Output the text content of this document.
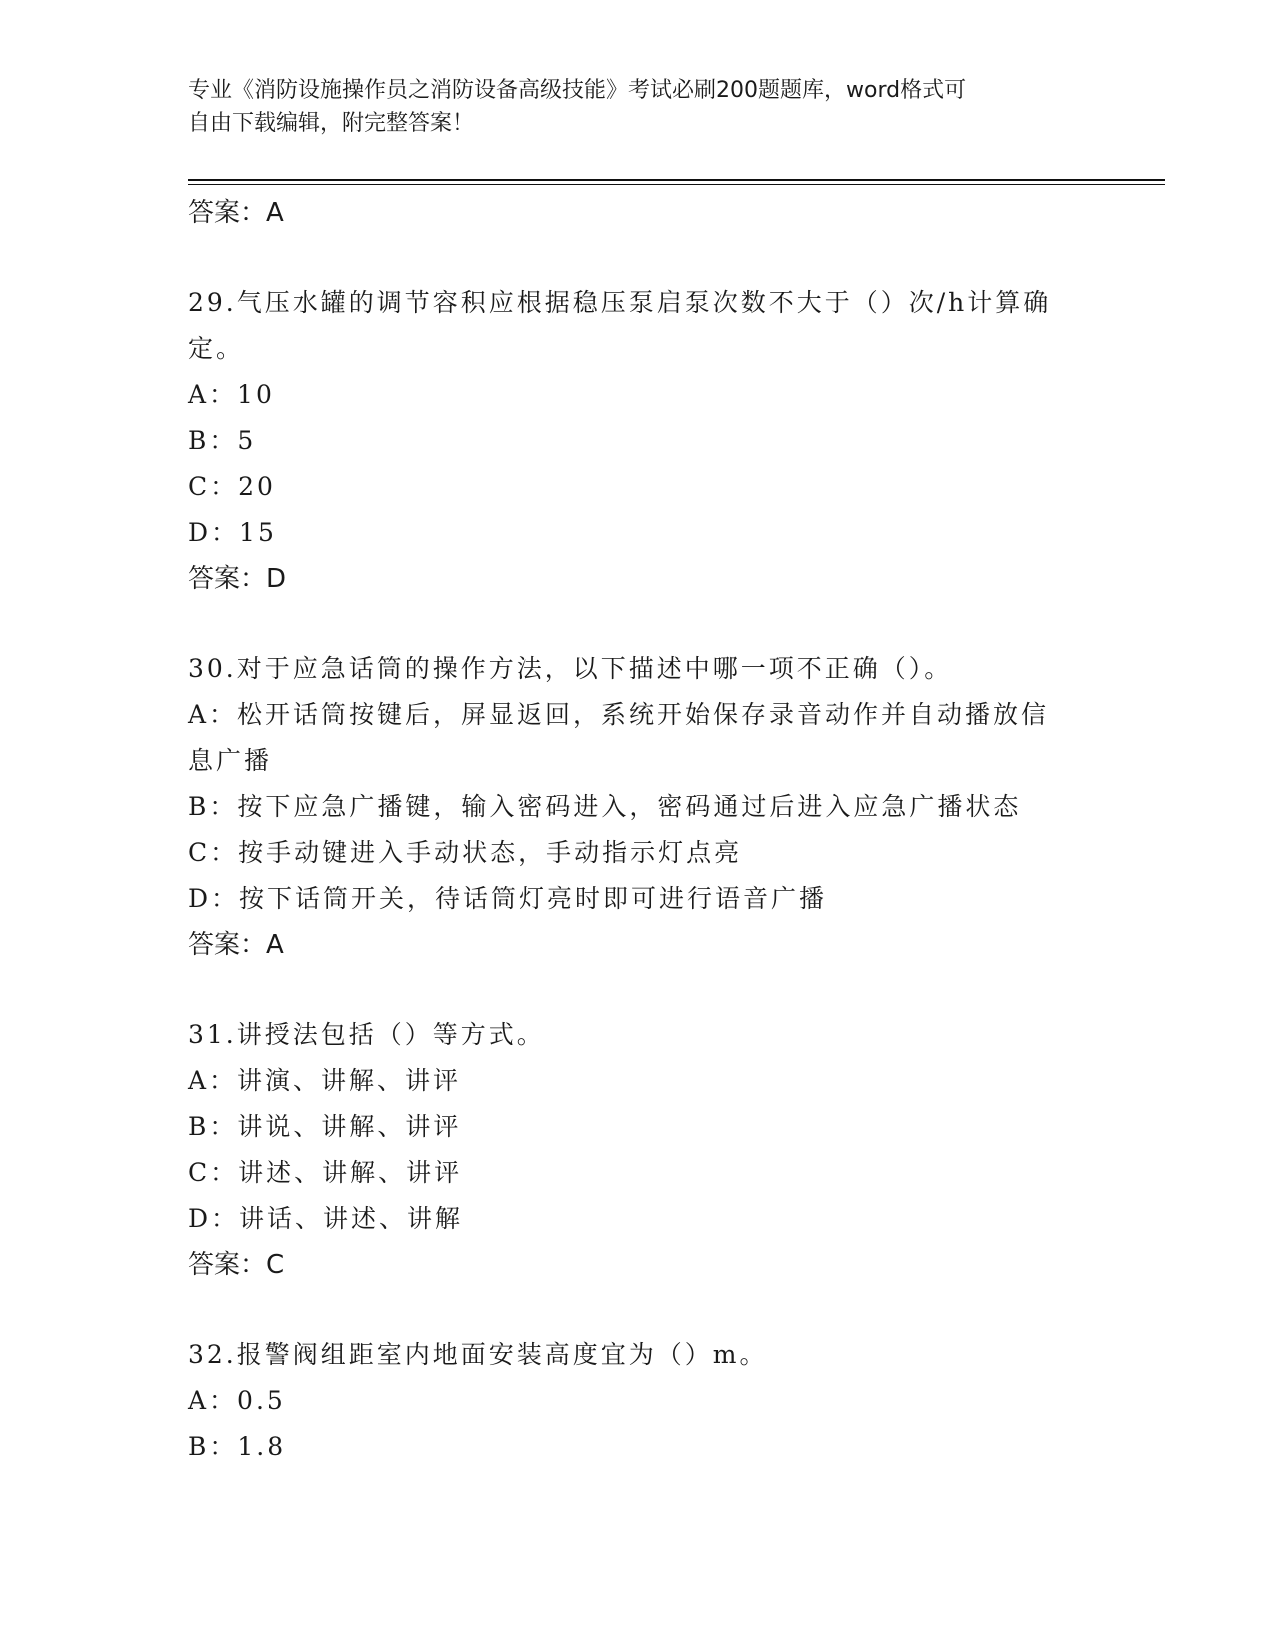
专业《消防设施操作员之消防设备高级技能》考试必刷200题题库，word格式可
自由下载编辑，附完整答案！
答案：A
29.气压水罐的调节容积应根据稳压泵启泵次数不大于（）次/h计算确
定。
A：10
B：5
C：20
D：15
答案：D
30.对于应急话筒的操作方法，以下描述中哪一项不正确（）。
A：松开话筒按键后，屏显返回，系统开始保存录音动作并自动播放信
息广播
B：按下应急广播键，输入密码进入，密码通过后进入应急广播状态
C：按手动键进入手动状态，手动指示灯点亮
D：按下话筒开关，待话筒灯亮时即可进行语音广播
答案：A
31.讲授法包括（）等方式。
A：讲演、讲解、讲评
B：讲说、讲解、讲评
C：讲述、讲解、讲评
D：讲话、讲述、讲解
答案：C
32.报警阀组距室内地面安装高度宜为（）m。
A：0.5
B：1.8
